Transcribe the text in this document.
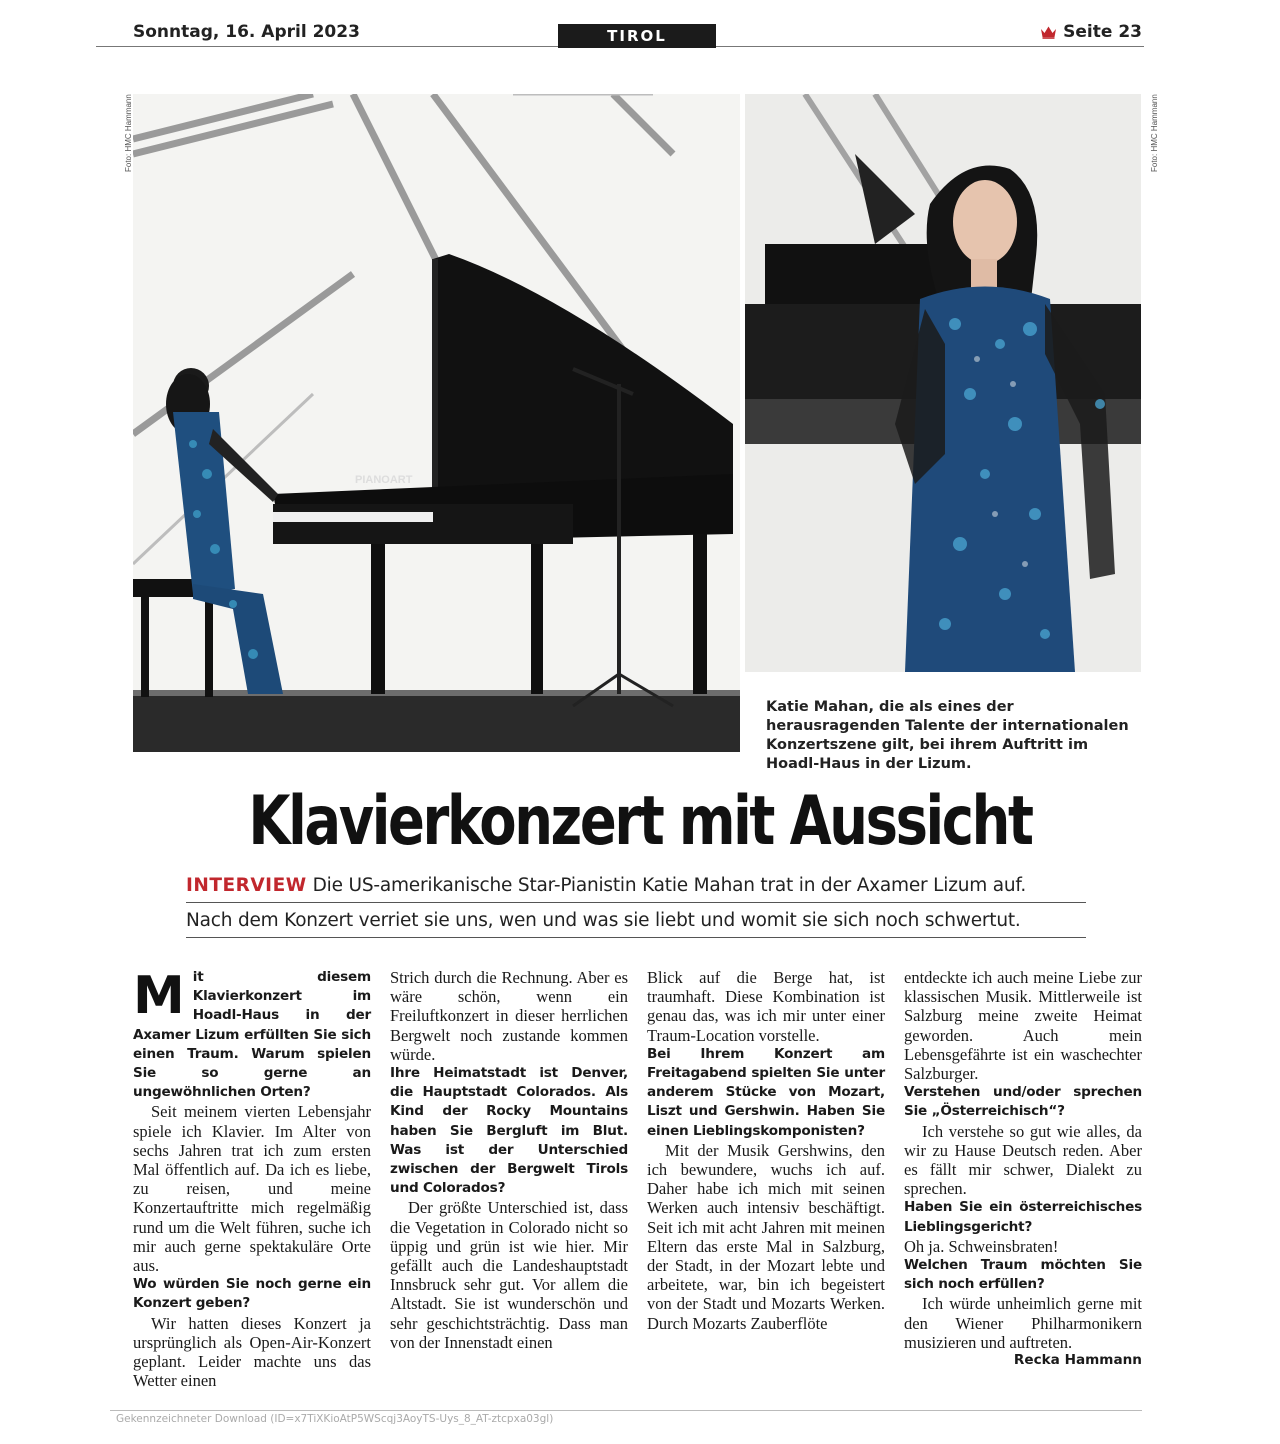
Sonntag, 16. April 2023	TIROL	Seite 23
PIANOART
Foto: HMC Hammann	Foto: HMC Hammann
Katie Mahan, die als eines der herausragenden Talente der internationalen Konzertszene gilt, bei ihrem Auftritt im Hoadl-Haus in der Lizum.
Klavierkonzert mit Aussicht
INTERVIEW Die US-amerikanische Star-Pianistin Katie Mahan trat in der Axamer Lizum auf.
Nach dem Konzert verriet sie uns, wen und was sie liebt und womit sie sich noch schwertut.
M it diesem Klavierkonzert im Hoadl-Haus in der Axamer Lizum erfüllten Sie sich einen Traum. Warum spielen Sie so gerne an ungewöhnlichen Orten?

Seit meinem vierten Lebensjahr spiele ich Klavier. Im Alter von sechs Jahren trat ich zum ersten Mal öffentlich auf. Da ich es liebe, zu reisen, und meine Konzertauftritte mich regelmäßig rund um die Welt führen, suche ich mir auch gerne spektakuläre Orte aus.

Wo würden Sie noch gerne ein Konzert geben?

Wir hatten dieses Konzert ja ursprünglich als Open-Air-Konzert geplant. Leider machte uns das Wetter einen

Strich durch die Rechnung. Aber es wäre schön, wenn ein Freiluftkonzert in dieser herrlichen Bergwelt noch zustande kommen würde.

Ihre Heimatstadt ist Denver, die Hauptstadt Colorados. Als Kind der Rocky Mountains haben Sie Bergluft im Blut. Was ist der Unterschied zwischen der Bergwelt Tirols und Colorados?

Der größte Unterschied ist, dass die Vegetation in Colorado nicht so üppig und grün ist wie hier. Mir gefällt auch die Landeshauptstadt Innsbruck sehr gut. Vor allem die Altstadt. Sie ist wunderschön und sehr geschichtsträchtig. Dass man von der Innenstadt einen

Blick auf die Berge hat, ist traumhaft. Diese Kombination ist genau das, was ich mir unter einer Traum-Location vorstelle.

Bei Ihrem Konzert am Freitagabend spielten Sie unter anderem Stücke von Mozart, Liszt und Gershwin. Haben Sie einen Lieblingskomponisten?

Mit der Musik Gershwins, den ich bewundere, wuchs ich auf. Daher habe ich mich mit seinen Werken auch intensiv beschäftigt. Seit ich mit acht Jahren mit meinen Eltern das erste Mal in Salzburg, der Stadt, in der Mozart lebte und arbeitete, war, bin ich begeistert von der Stadt und Mozarts Werken. Durch Mozarts Zauberflöte

entdeckte ich auch meine Liebe zur klassischen Musik. Mittlerweile ist Salzburg meine zweite Heimat geworden. Auch mein Lebensgefährte ist ein waschechter Salzburger.

Verstehen und/oder sprechen Sie „Österreichisch“?

Ich verstehe so gut wie alles, da wir zu Hause Deutsch reden. Aber es fällt mir schwer, Dialekt zu sprechen.

Haben Sie ein österreichisches Lieblingsgericht?

Oh ja. Schweinsbraten!

Welchen Traum möchten Sie sich noch erfüllen?

Ich würde unheimlich gerne mit den Wiener Philharmonikern musizieren und auftreten.
Recka Hammann

Gekennzeichneter Download (ID=x7TiXKioAtP5WScqj3AoyTS-Uys_8_AT-ztcpxa03gl)
